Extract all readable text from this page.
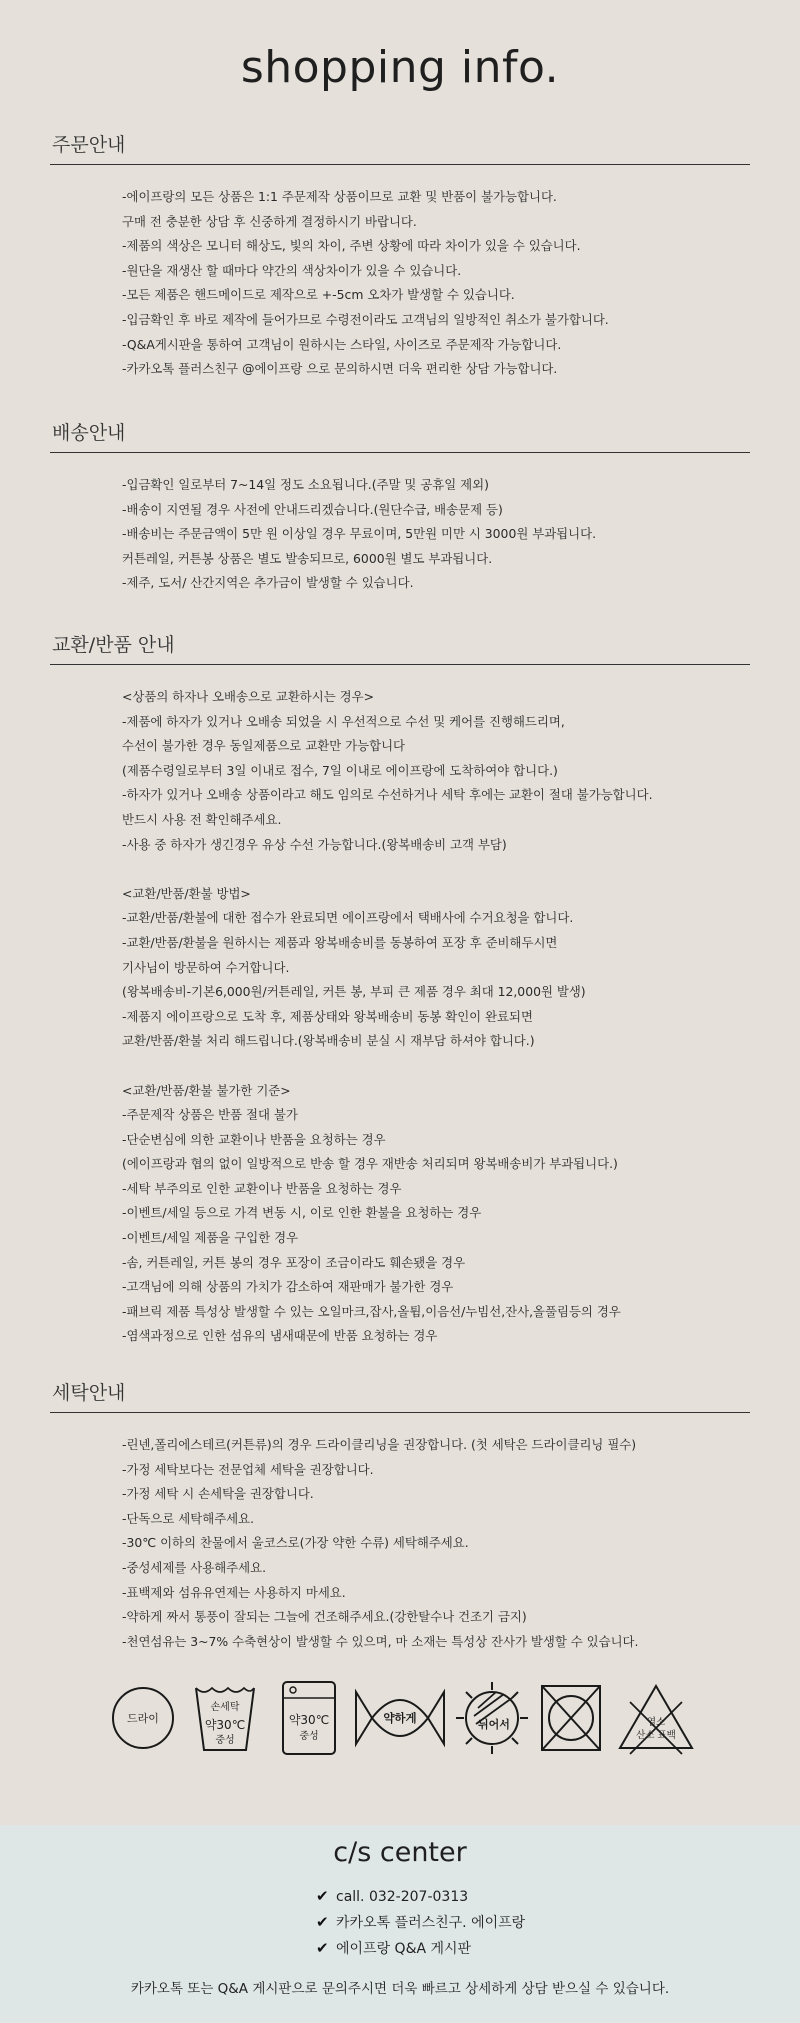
shopping info.
주문안내
-에이프랑의 모든 상품은 1:1 주문제작 상품이므로 교환 및 반품이 불가능합니다.
구매 전 충분한 상담 후 신중하게 결정하시기 바랍니다.
-제품의 색상은 모니터 해상도, 빛의 차이, 주변 상황에 따라 차이가 있을 수 있습니다.
-원단을 재생산 할 때마다 약간의 색상차이가 있을 수 있습니다.
-모든 제품은 핸드메이드로 제작으로 +-5cm 오차가 발생할 수 있습니다.
-입금확인 후 바로 제작에 들어가므로 수령전이라도 고객님의 일방적인 취소가 불가합니다.
-Q&A게시판을 통하여 고객님이 원하시는 스타일, 사이즈로 주문제작 가능합니다.
-카카오톡 플러스친구 @에이프랑 으로 문의하시면 더욱 편리한 상담 가능합니다.
배송안내
-입금확인 일로부터 7~14일 정도 소요됩니다.(주말 및 공휴일 제외)
-배송이 지연될 경우 사전에 안내드리겠습니다.(원단수급, 배송문제 등)
-배송비는 주문금액이 5만 원 이상일 경우 무료이며, 5만원 미만 시 3000원 부과됩니다.
커튼레일, 커튼봉 상품은 별도 발송되므로, 6000원 별도 부과됩니다.
-제주, 도서/ 산간지역은 추가금이 발생할 수 있습니다.
교환/반품 안내
<상품의 하자나 오배송으로 교환하시는 경우>
-제품에 하자가 있거나 오배송 되었을 시 우선적으로 수선 및 케어를 진행해드리며,
수선이 불가한 경우 동일제품으로 교환만 가능합니다
(제품수령일로부터 3일 이내로 접수, 7일 이내로 에이프랑에 도착하여야 합니다.)
-하자가 있거나 오배송 상품이라고 해도 임의로 수선하거나 세탁 후에는 교환이 절대 불가능합니다.
반드시 사용 전 확인해주세요.
-사용 중 하자가 생긴경우 유상 수선 가능합니다.(왕복배송비 고객 부담)
<교환/반품/환불 방법>
-교환/반품/환불에 대한 접수가 완료되면 에이프랑에서 택배사에 수거요청을 합니다.
-교환/반품/환불을 원하시는 제품과 왕복배송비를 동봉하여 포장 후 준비해두시면
기사님이 방문하여 수거합니다.
(왕복배송비-기본6,000원/커튼레일, 커튼 봉, 부피 큰 제품 경우 최대 12,000원 발생)
-제품지 에이프랑으로 도착 후, 제품상태와 왕복배송비 동봉 확인이 완료되면
교환/반품/환불 처리 해드립니다.(왕복배송비 분실 시 재부담 하셔야 합니다.)
<교환/반품/환불 불가한 기준>
-주문제작 상품은 반품 절대 불가
-단순변심에 의한 교환이나 반품을 요청하는 경우
(에이프랑과 협의 없이 일방적으로 반송 할 경우 재반송 처리되며 왕복배송비가 부과됩니다.)
-세탁 부주의로 인한 교환이나 반품을 요청하는 경우
-이벤트/세일 등으로 가격 변동 시, 이로 인한 환불을 요청하는 경우
-이벤트/세일 제품을 구입한 경우
-솜, 커튼레일, 커튼 봉의 경우 포장이 조금이라도 훼손됐을 경우
-고객님에 의해 상품의 가치가 감소하여 재판매가 불가한 경우
-패브릭 제품 특성상 발생할 수 있는 오일마크,잡사,올튐,이음선/누빔선,잔사,올풀림등의 경우
-염색과정으로 인한 섬유의 냄새때문에 반품 요청하는 경우
세탁안내
-린넨,폴리에스테르(커튼류)의 경우 드라이클리닝을 권장합니다. (첫 세탁은 드라이클리닝 필수)
-가정 세탁보다는 전문업체 세탁을 권장합니다.
-가정 세탁 시 손세탁을 권장합니다.
-단독으로 세탁해주세요.
-30℃ 이하의 찬물에서 울코스로(가장 약한 수류) 세탁해주세요.
-중성세제를 사용해주세요.
-표백제와 섬유유연제는 사용하지 마세요.
-약하게 짜서 통풍이 잘되는 그늘에 건조해주세요.(강한탈수나 건조기 금지)
-천연섬유는 3~7% 수축현상이 발생할 수 있으며, 마 소재는 특성상 잔사가 발생할 수 있습니다.
드라이
손세탁
약30℃
중성
약30℃
중성
약하게	뉘어서	염소
산소 표백
c/s center
✔ call. 032-207-0313
✔ 카카오톡 플러스친구. 에이프랑
✔ 에이프랑 Q&A 게시판
카카오톡 또는 Q&A 게시판으로 문의주시면 더욱 빠르고 상세하게 상담 받으실 수 있습니다.
